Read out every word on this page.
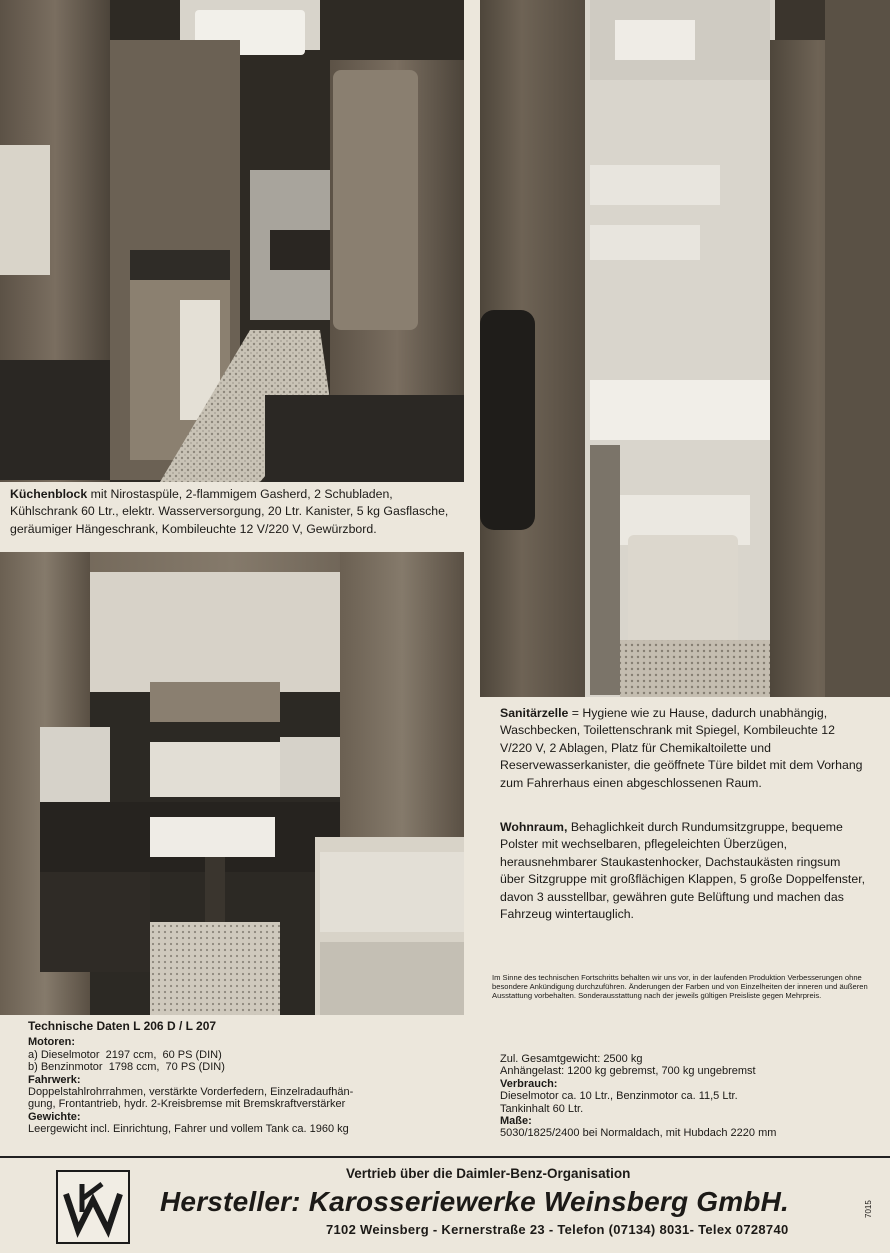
Küchenblock mit Nirostaspüle, 2-flammigem Gasherd, 2 Schubladen, Kühlschrank 60 Ltr., elektr. Wasserversorgung, 20 Ltr. Kanister, 5 kg Gasflasche, geräumiger Hängeschrank, Kombileuchte 12 V/220 V, Gewürzbord.
Sanitärzelle = Hygiene wie zu Hause, dadurch unabhängig, Waschbecken, Toilettenschrank mit Spiegel, Kombileuchte 12 V/220 V, 2 Ablagen, Platz für Chemikaltoilette und Reservewasserkanister, die geöffnete Türe bildet mit dem Vorhang zum Fahrerhaus einen abgeschlossenen Raum.
Wohnraum, Behaglichkeit durch Rundumsitzgruppe, bequeme Polster mit wechselbaren, pflegeleichten Überzügen, herausnehmbarer Staukastenhocker, Dachstaukästen ringsum über Sitzgruppe mit großflächigen Klappen, 5 große Doppelfenster, davon 3 ausstellbar, gewähren gute Belüftung und machen das Fahrzeug wintertauglich.
Im Sinne des technischen Fortschritts behalten wir uns vor, in der laufenden Produktion Verbesserungen ohne besondere Ankündigung durchzuführen. Änderungen der Farben und von Einzelheiten der inneren und äußeren Ausstattung vorbehalten. Sonderausstattung nach der jeweils gültigen Preisliste gegen Mehrpreis.
Technische Daten L 206 D / L 207
Motoren:
a) Dieselmotor  2197 ccm,  60 PS (DIN)
b) Benzinmotor  1798 ccm,  70 PS (DIN)
Fahrwerk:
Doppelstahlrohrrahmen, verstärkte Vorderfedern, Einzelradaufhän-
gung, Frontantrieb, hydr. 2-Kreisbremse mit Bremskraftverstärker
Gewichte:
Leergewicht incl. Einrichtung, Fahrer und vollem Tank ca. 1960 kg
Zul. Gesamtgewicht: 2500 kg
Anhängelast: 1200 kg gebremst, 700 kg ungebremst
Verbrauch:
Dieselmotor ca. 10 Ltr., Benzinmotor ca. 11,5 Ltr.
Tankinhalt 60 Ltr.
Maße:
5030/1825/2400 bei Normaldach, mit Hubdach 2220 mm
Vertrieb über die Daimler-Benz-Organisation
Hersteller: Karosseriewerke Weinsberg GmbH.
7102 Weinsberg - Kernerstraße 23 - Telefon (07134) 8031- Telex 0728740
7015
